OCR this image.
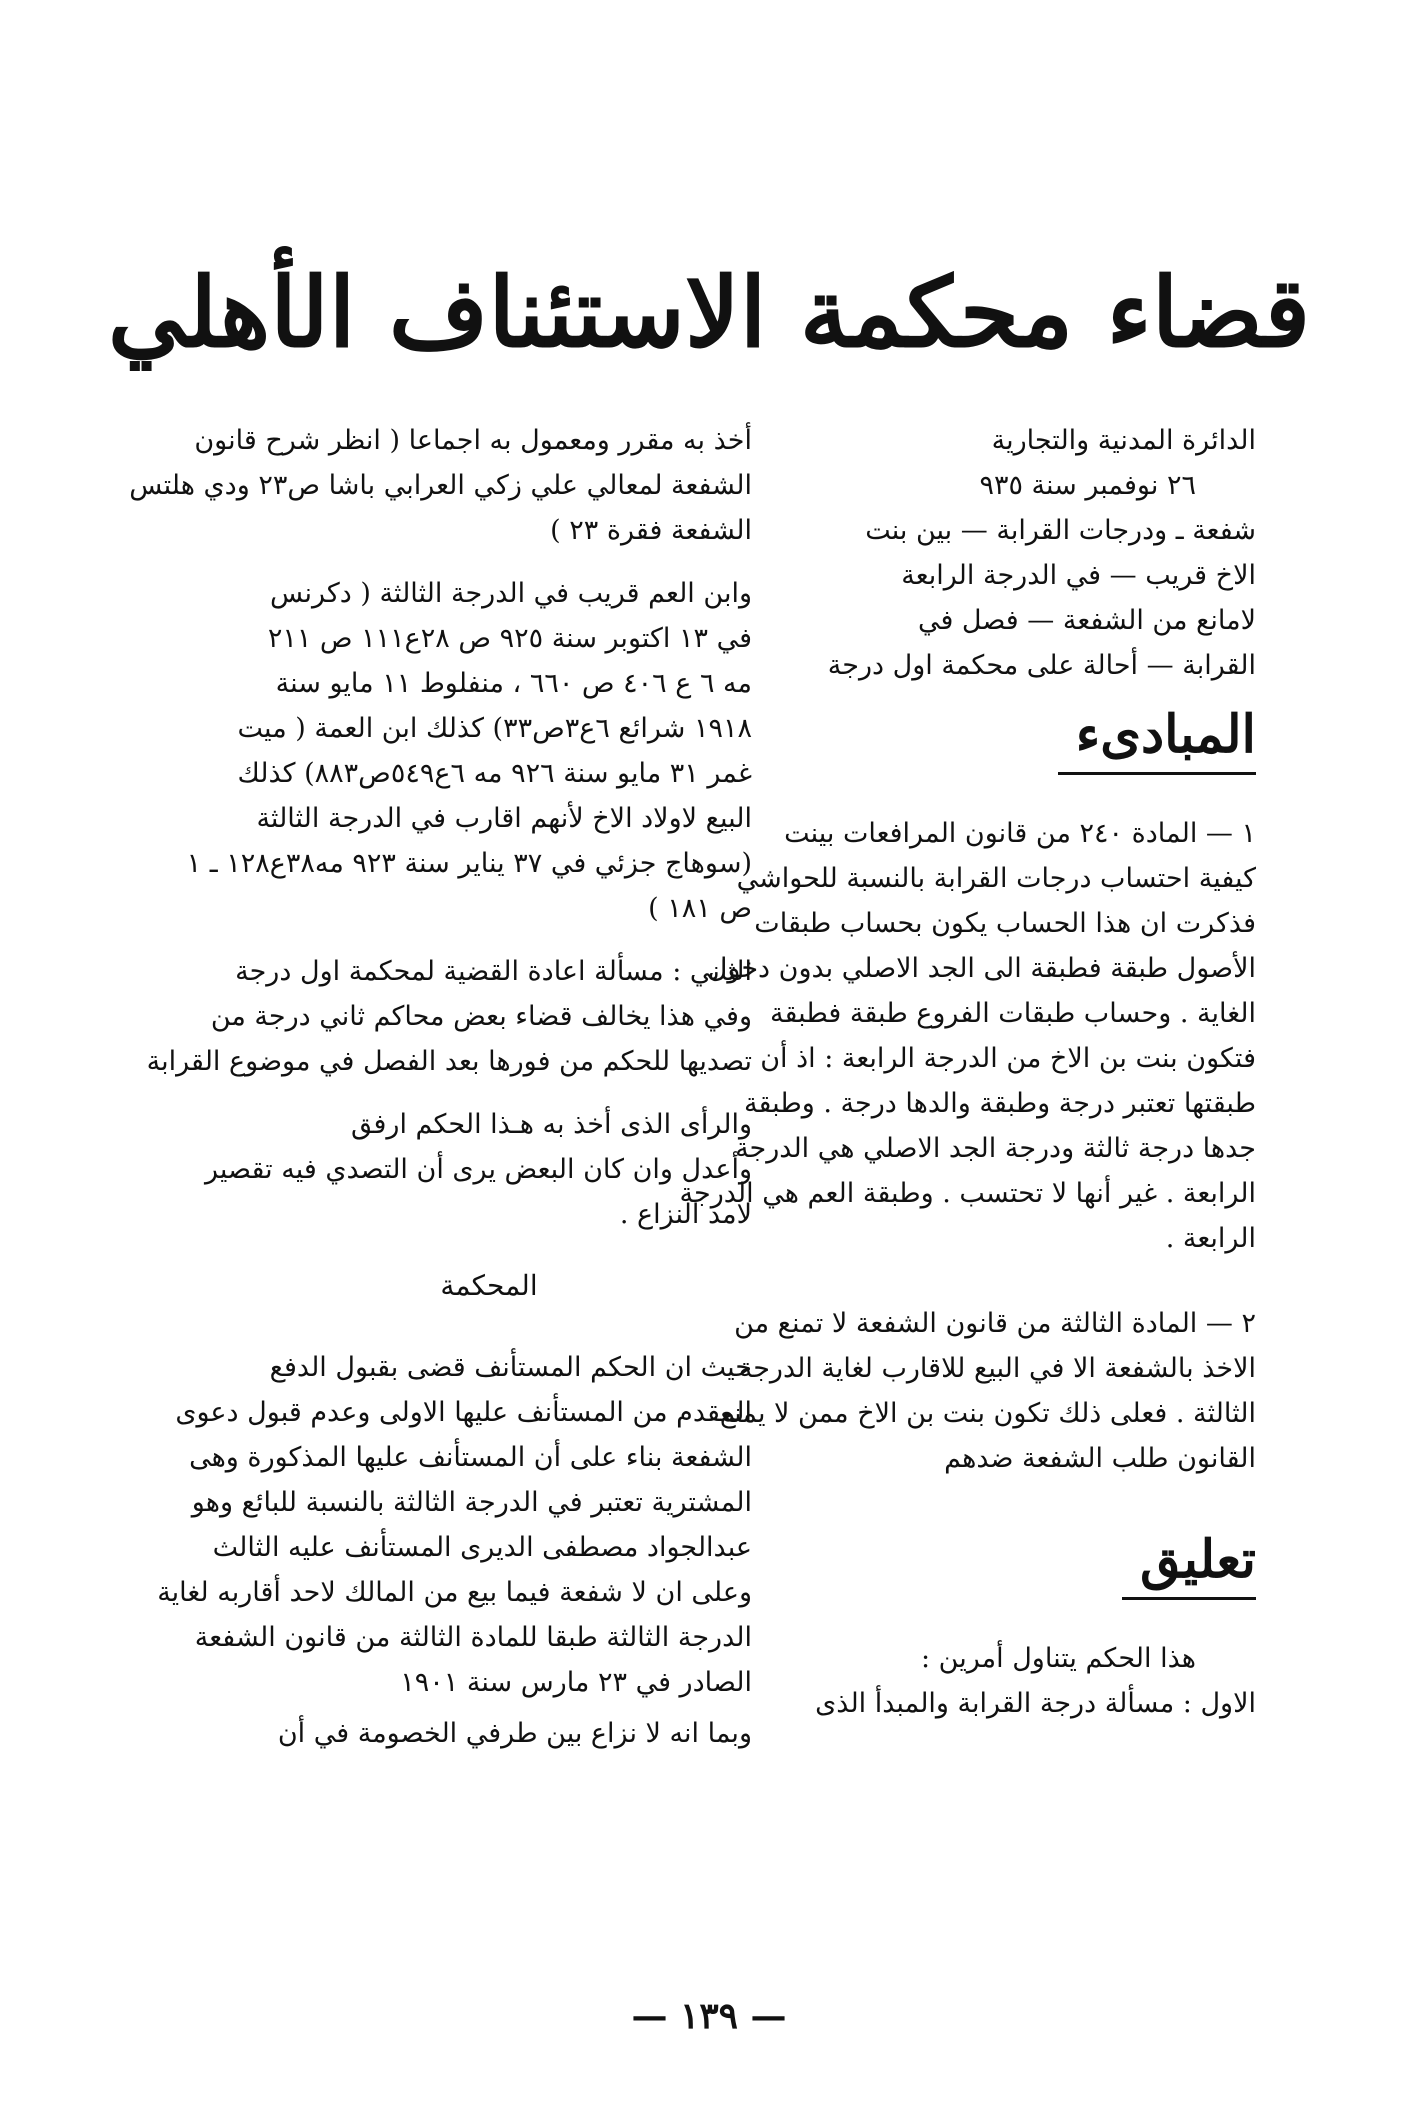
قضاء محكمة الاستئناف الأهلي
الدائرة المدنية والتجارية
٢٦ نوفمبر سنة ٩٣٥
شفعة ـ ودرجات القرابة — بين بنت
الاخ قريب — في الدرجة الرابعة
لامانع من الشفعة — فصل في
القرابة — أحالة على محكمة اول درجة
المبادىء
١ — المادة ٢٤٠ من قانون المرافعات بينت
كيفية احتساب درجات القرابة بالنسبة للحواشي
فذكرت ان هذا الحساب يكون بحساب طبقات
الأصول طبقة فطبقة الى الجد الاصلي بدون دخول
الغاية . وحساب طبقات الفروع طبقة فطبقة
فتكون بنت بن الاخ من الدرجة الرابعة : اذ أن
طبقتها تعتبر درجة وطبقة والدها درجة . وطبقة
جدها درجة ثالثة ودرجة الجد الاصلي هي الدرجة
الرابعة . غير أنها لا تحتسب . وطبقة العم هي الدرجة
الرابعة .
٢ — المادة الثالثة من قانون الشفعة لا تمنع من
الاخذ بالشفعة الا في البيع للاقارب لغاية الدرجة
الثالثة . فعلى ذلك تكون بنت بن الاخ ممن لا يمنع
القانون طلب الشفعة ضدهم
تعليق
هذا الحكم يتناول أمرين :
الاول : مسألة درجة القرابة والمبدأ الذى
أخذ به مقرر ومعمول به اجماعا ( انظر شرح قانون
الشفعة لمعالي علي زكي العرابي باشا ص٢٣ ودي هلتس
الشفعة فقرة ٢٣ )
وابن العم قريب في الدرجة الثالثة ( دكرنس
في ١٣ اكتوبر سنة ٩٢٥ ص ٢٨ع١١١ ص ٢١١
مه ٦ ع ٤٠٦ ص ٦٦٠ ، منفلوط ١١ مايو سنة
١٩١٨ شرائع ٦ع٣ص٣٣) كذلك ابن العمة ( ميت
غمر ٣١ مايو سنة ٩٢٦ مه ٦ع٥٤٩ص٨٨٣) كذلك
البيع لاولاد الاخ لأنهم اقارب في الدرجة الثالثة
(سوهاج جزئي في ٣٧ يناير سنة ٩٢٣ مه٣٨ع١٢٨ ـ ١
ص ١٨١ )
الثاني : مسألة اعادة القضية لمحكمة اول درجة
وفي هذا يخالف قضاء بعض محاكم ثاني درجة من
تصديها للحكم من فورها بعد الفصل في موضوع القرابة
والرأى الذى أخذ به هـذا الحكم ارفق
وأعدل وان كان البعض يرى أن التصدي فيه تقصير
لامد النزاع .
المحكمة
حيث ان الحكم المستأنف قضى بقبول الدفع
المقدم من المستأنف عليها الاولى وعدم قبول دعوى
الشفعة بناء على أن المستأنف عليها المذكورة وهى
المشترية تعتبر في الدرجة الثالثة بالنسبة للبائع وهو
عبدالجواد مصطفى الديرى المستأنف عليه الثالث
وعلى ان لا شفعة فيما بيع من المالك لاحد أقاربه لغاية
الدرجة الثالثة طبقا للمادة الثالثة من قانون الشفعة
الصادر في ٢٣ مارس سنة ١٩٠١
وبما انه لا نزاع بين طرفي الخصومة في أن
— ١٣٩ —
